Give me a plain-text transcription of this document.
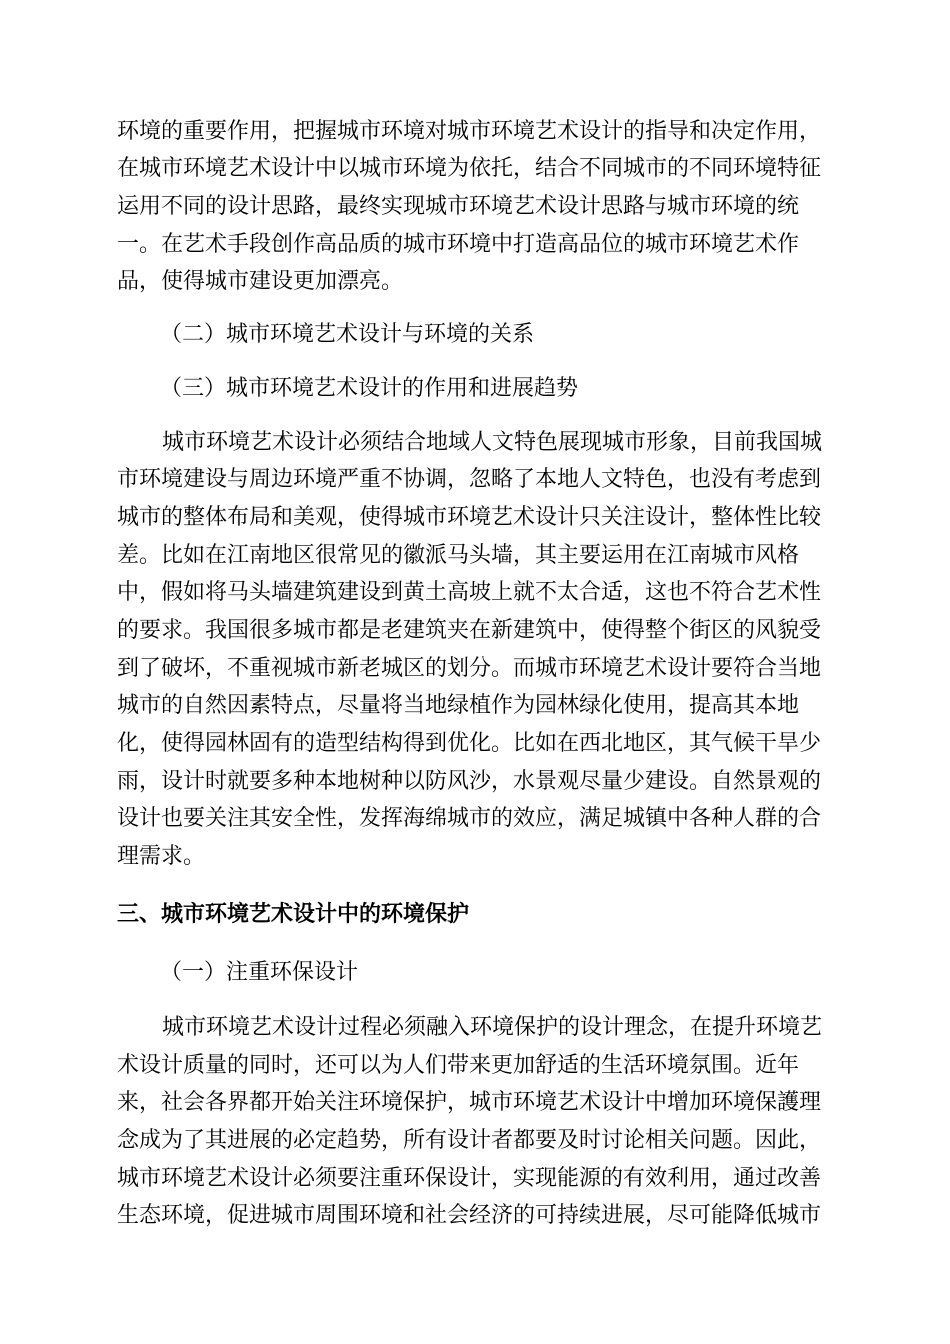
环境的重要作用，把握城市环境对城市环境艺术设计的指导和决定作用，
在城市环境艺术设计中以城市环境为依托，结合不同城市的不同环境特征
运用不同的设计思路，最终实现城市环境艺术设计思路与城市环境的统
一。在艺术手段创作高品质的城市环境中打造高品位的城市环境艺术作
品，使得城市建设更加漂亮。
（二）城市环境艺术设计与环境的关系
（三）城市环境艺术设计的作用和进展趋势
城市环境艺术设计必须结合地域人文特色展现城市形象，目前我国城
市环境建设与周边环境严重不协调，忽略了本地人文特色，也没有考虑到
城市的整体布局和美观，使得城市环境艺术设计只关注设计，整体性比较
差。比如在江南地区很常见的徽派马头墙，其主要运用在江南城市风格
中，假如将马头墙建筑建设到黄土高坡上就不太合适，这也不符合艺术性
的要求。我国很多城市都是老建筑夹在新建筑中，使得整个街区的风貌受
到了破坏，不重视城市新老城区的划分。而城市环境艺术设计要符合当地
城市的自然因素特点，尽量将当地绿植作为园林绿化使用，提高其本地
化，使得园林固有的造型结构得到优化。比如在西北地区，其气候干旱少
雨，设计时就要多种本地树种以防风沙，水景观尽量少建设。自然景观的
设计也要关注其安全性，发挥海绵城市的效应，满足城镇中各种人群的合
理需求。
三、城市环境艺术设计中的环境保护
（一）注重环保设计
城市环境艺术设计过程必须融入环境保护的设计理念，在提升环境艺
术设计质量的同时，还可以为人们带来更加舒适的生活环境氛围。近年
来，社会各界都开始关注环境保护，城市环境艺术设计中增加环境保護理
念成为了其进展的必定趋势，所有设计者都要及时讨论相关问题。因此，
城市环境艺术设计必须要注重环保设计，实现能源的有效利用，通过改善
生态环境，促进城市周围环境和社会经济的可持续进展，尽可能降低城市
